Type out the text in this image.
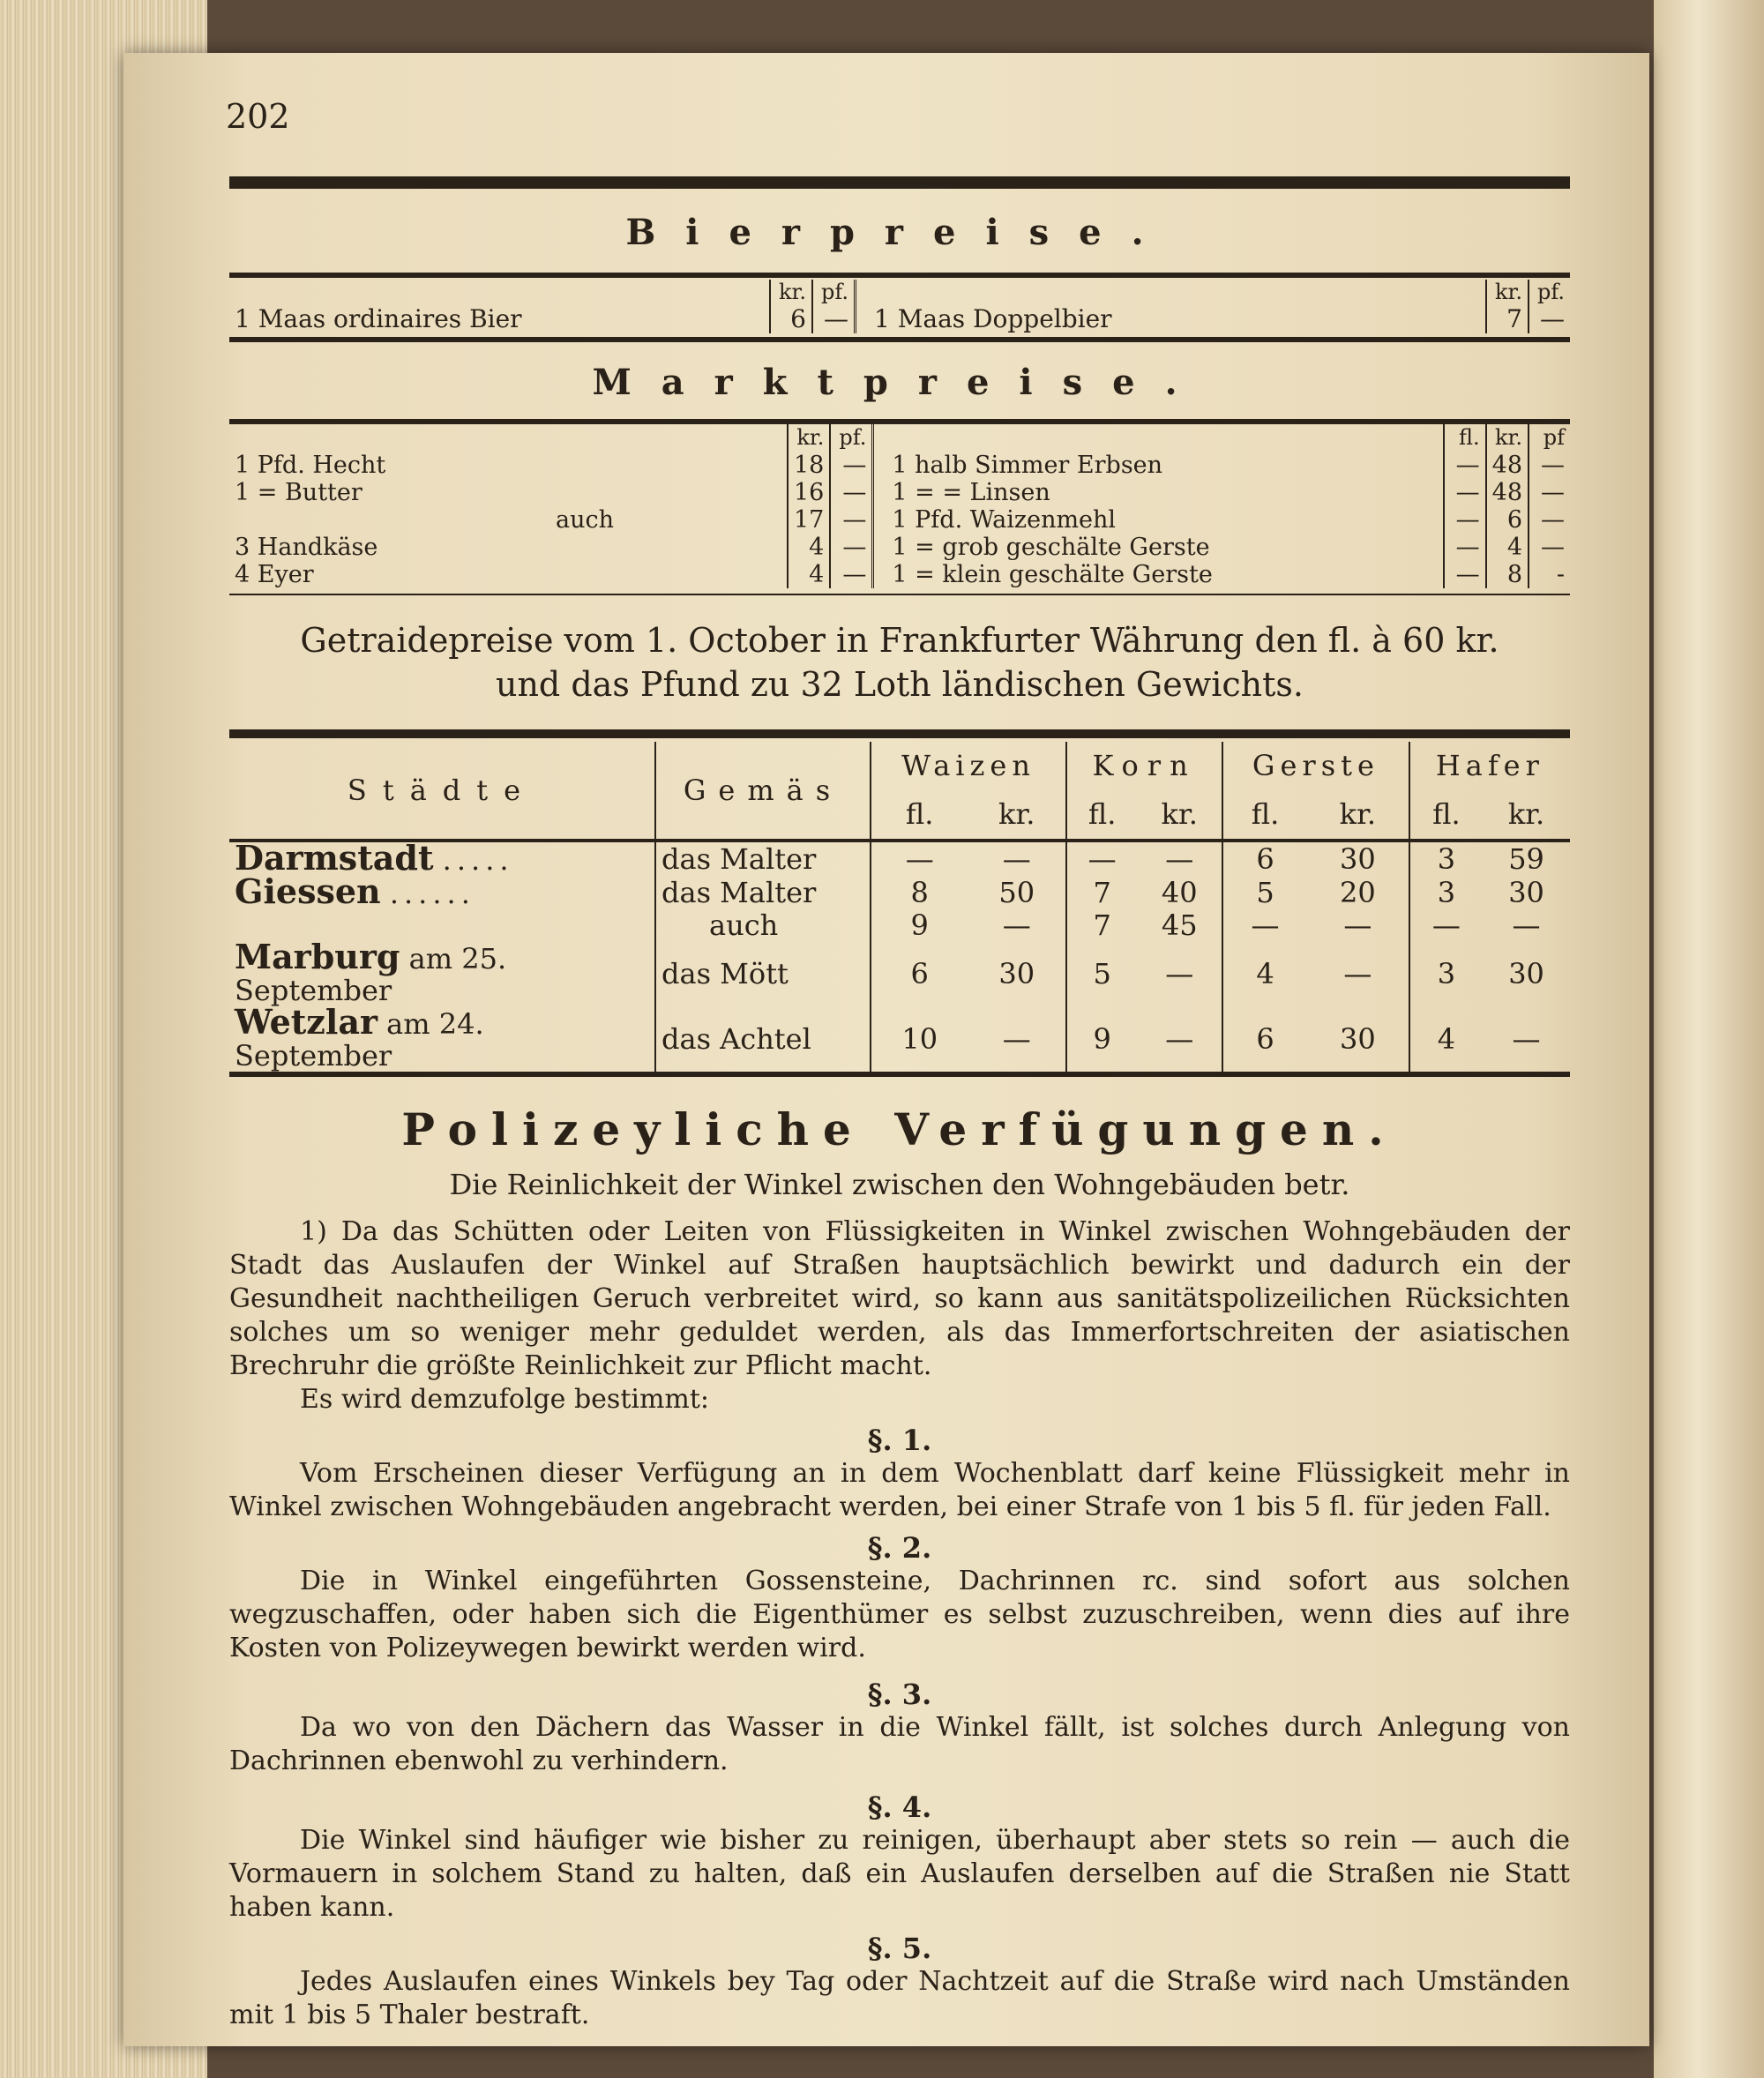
202
Bierpreise.
	kr.	pf.		kr.	pf.
1 Maas ordinaires Bier	6	—	1 Maas Doppelbier	7	—
Marktpreise.
	kr.	pf.		fl.	kr.	pf
1 Pfd. Hecht	18	—	1 halb Simmer Erbsen	—	48	—
1 = Butter	16	—	1 = = Linsen	—	48	—
auch	17	—	1 Pfd. Waizenmehl	—	6	—
3 Handkäse	4	—	1 = grob geschälte Gerste	—	4	—
4 Eyer	4	—	1 = klein geschälte Gerste	—	8	-
Getraidepreise vom 1. October in Frankfurter Währung den fl. à 60 kr.
und das Pfund zu 32 Loth ländischen Gewichts.
Städte	Gemäs	Waizen		Korn		Gerste		Hafer	
		fl.	kr.	fl.	kr.	fl.	kr.	fl.	kr.
Darmstadt .....	das Malter	—	—	—	—	6	30	3	59
Giessen ......	das Malter	8	50	7	40	5	20	3	30
	auch	9	—	7	45	—	—	—	—
Marburg am 25. September	das Mött	6	30	5	—	4	—	3	30
Wetzlar am 24. September	das Achtel	10	—	9	—	6	30	4	—
Polizeyliche Verfügungen.
Die Reinlichkeit der Winkel zwischen den Wohngebäuden betr.

1) Da das Schütten oder Leiten von Flüssigkeiten in Winkel zwischen Wohngebäuden der Stadt das Auslaufen der Winkel auf Straßen hauptsächlich bewirkt und dadurch ein der Gesundheit nachtheiligen Geruch verbreitet wird, so kann aus sanitätspolizeilichen Rücksichten solches um so weniger mehr geduldet werden, als das Immerfortschreiten der asiatischen Brechruhr die größte Reinlichkeit zur Pflicht macht.

Es wird demzufolge bestimmt:

§. 1.

Vom Erscheinen dieser Verfügung an in dem Wochenblatt darf keine Flüssigkeit mehr in Winkel zwischen Wohngebäuden angebracht werden, bei einer Strafe von 1 bis 5 fl. für jeden Fall.

§. 2.

Die in Winkel eingeführten Gossensteine, Dachrinnen rc. sind sofort aus solchen wegzuschaffen, oder haben sich die Eigenthümer es selbst zuzuschreiben, wenn dies auf ihre Kosten von Polizeywegen bewirkt werden wird.

§. 3.

Da wo von den Dächern das Wasser in die Winkel fällt, ist solches durch Anlegung von Dachrinnen ebenwohl zu verhindern.

§. 4.

Die Winkel sind häufiger wie bisher zu reinigen, überhaupt aber stets so rein — auch die Vormauern in solchem Stand zu halten, daß ein Auslaufen derselben auf die Straßen nie Statt haben kann.

§. 5.

Jedes Auslaufen eines Winkels bey Tag oder Nachtzeit auf die Straße wird nach Umständen mit 1 bis 5 Thaler bestraft.
